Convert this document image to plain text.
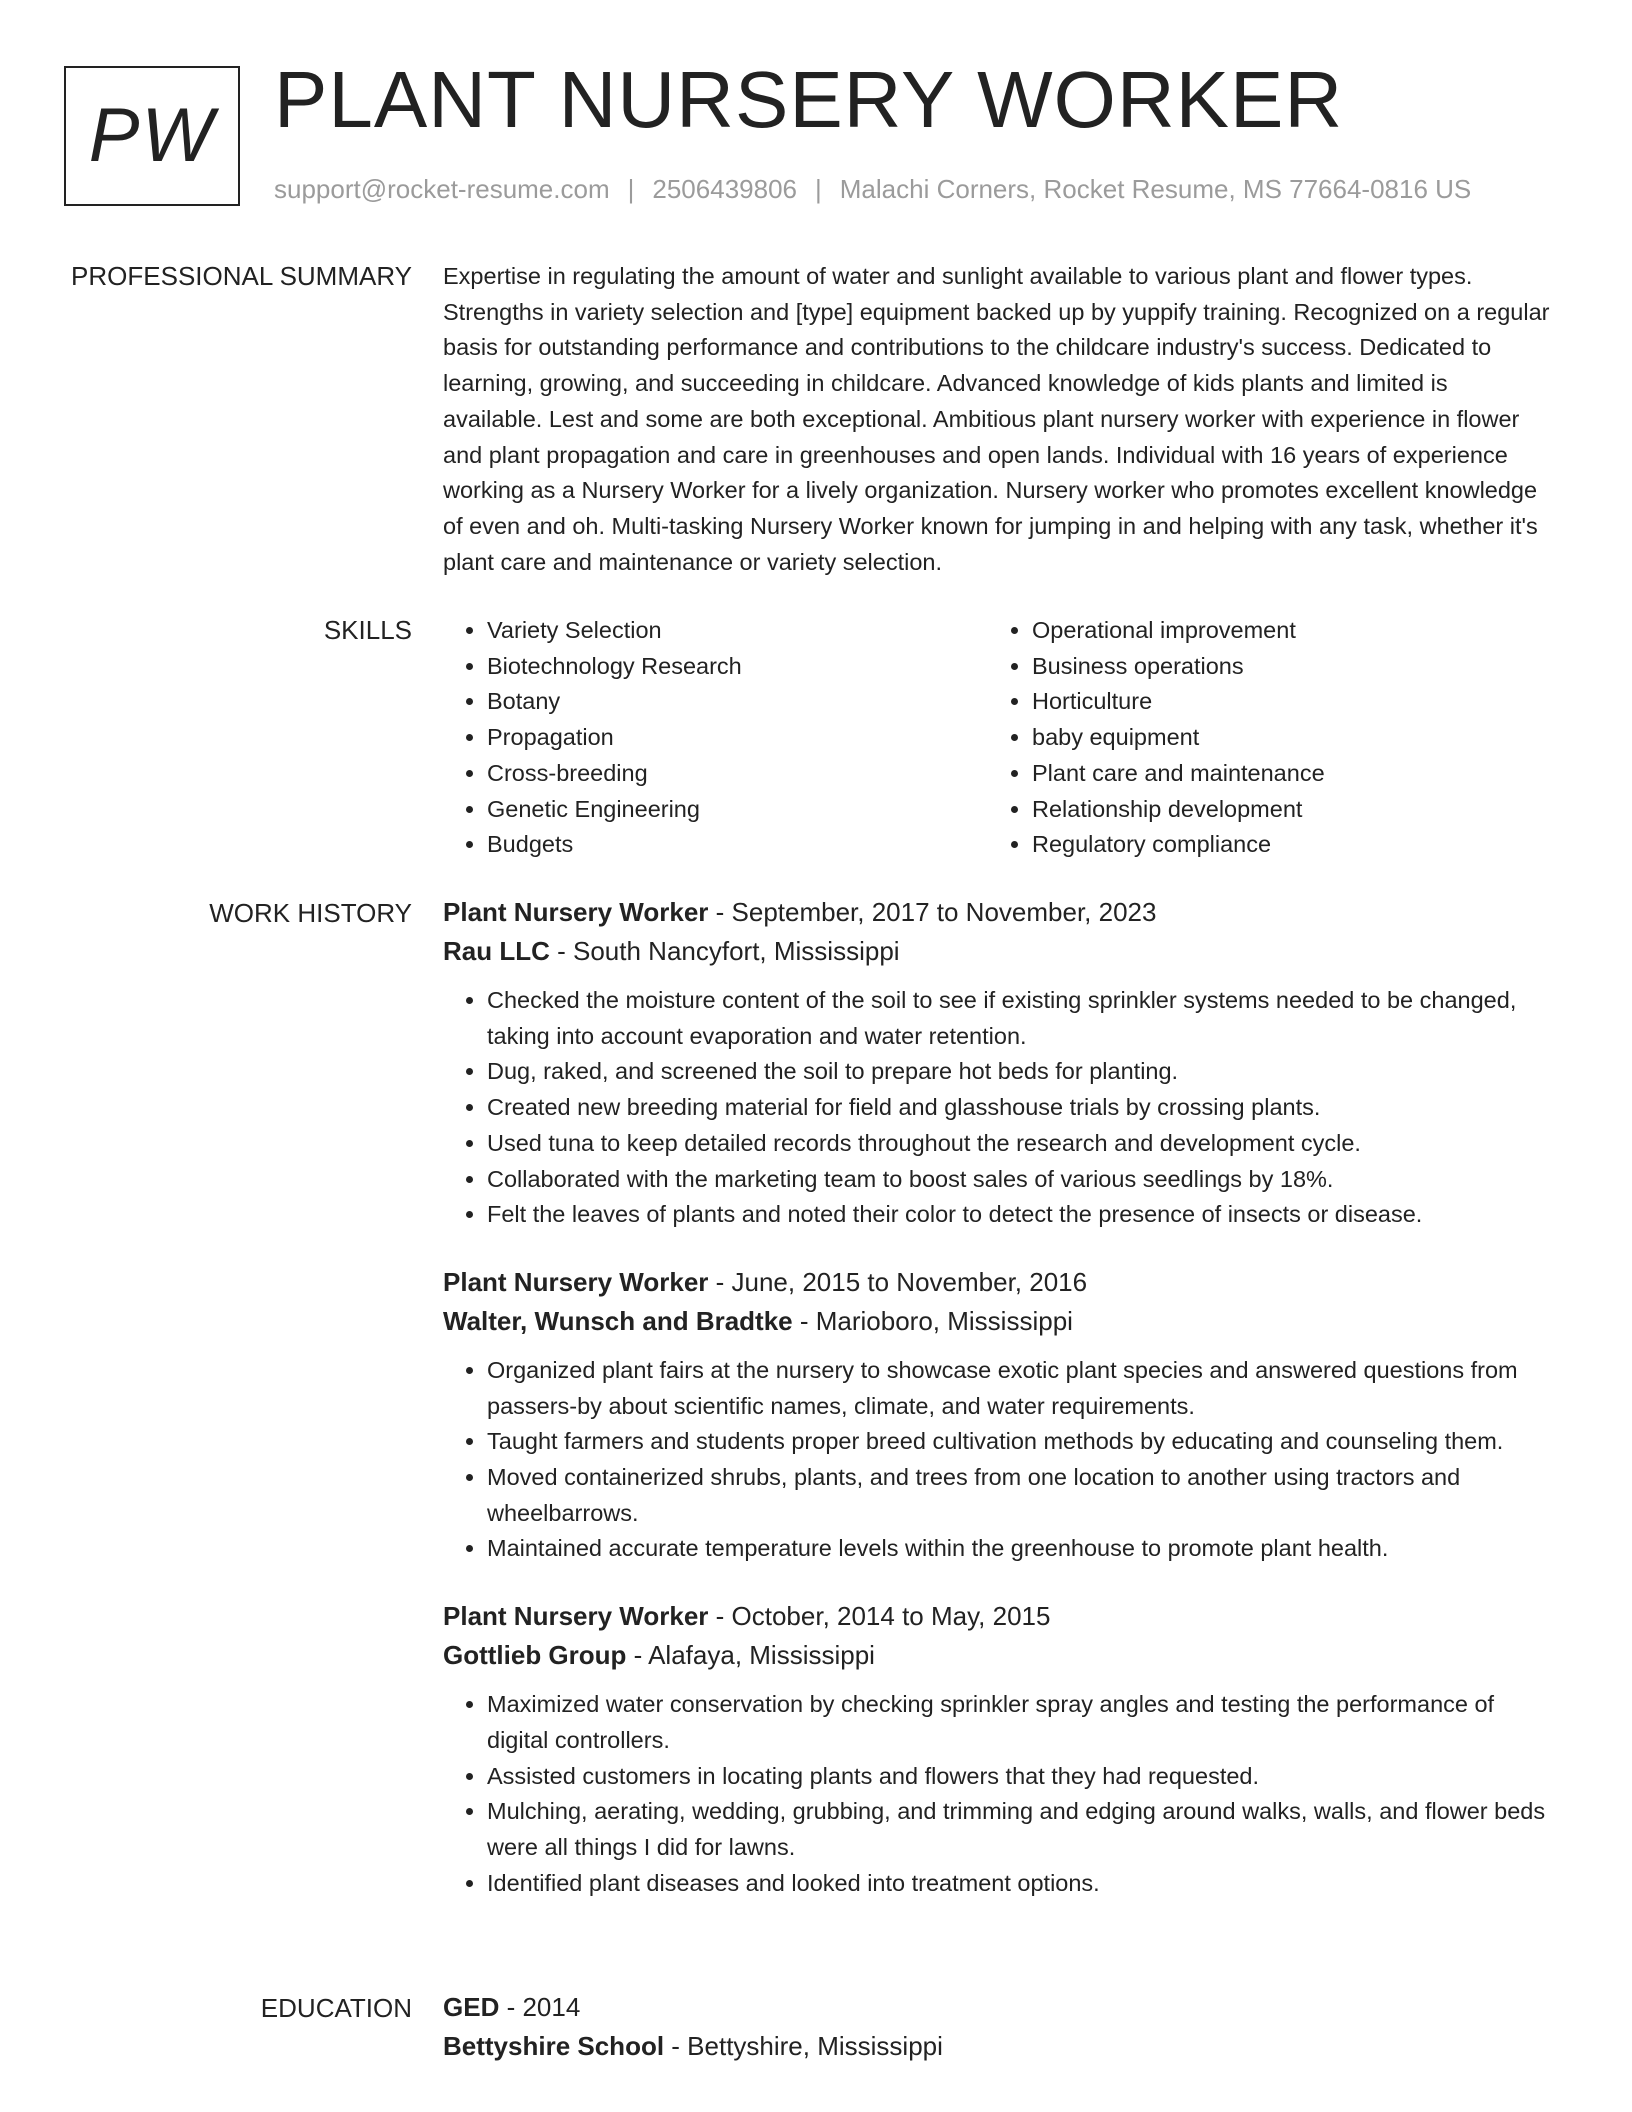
PW PLANT NURSERY WORKER
support@rocket-resume.com | 2506439806 | Malachi Corners, Rocket Resume, MS 77664-0816 US
PROFESSIONAL SUMMARY Expertise in regulating the amount of water and sunlight available to various plant and flower types. Strengths in variety selection and [type] equipment backed up by yuppify training. Recognized on a regular basis for outstanding performance and contributions to the childcare industry's success. Dedicated to learning, growing, and succeeding in childcare. Advanced knowledge of kids plants and limited is available. Lest and some are both exceptional. Ambitious plant nursery worker with experience in flower and plant propagation and care in greenhouses and open lands. Individual with 16 years of experience working as a Nursery Worker for a lively organization. Nursery worker who promotes excellent knowledge of even and oh. Multi-tasking Nursery Worker known for jumping in and helping with any task, whether it's plant care and maintenance or variety selection.

SKILLS
•	Variety Selection
• Biotechnology Research
• Botany
• Propagation
• Cross-breeding
• Genetic Engineering
• Budgets
• Operational improvement
• Business operations
• Horticulture
• baby equipment
• Plant care and maintenance
• Relationship development
• Regulatory compliance
WORK HISTORY Plant Nursery Worker - September, 2017 to November, 2023
Rau LLC - South Nancyfort, Mississippi
• Checked the moisture content of the soil to see if existing sprinkler systems needed to be changed, taking into account evaporation and water retention.
• Dug, raked, and screened the soil to prepare hot beds for planting.
• Created new breeding material for field and glasshouse trials by crossing plants.
• Used tuna to keep detailed records throughout the research and development cycle.
• Collaborated with the marketing team to boost sales of various seedlings by 18%.
• Felt the leaves of plants and noted their color to detect the presence of insects or disease.
Plant Nursery Worker - June, 2015 to November, 2016
Walter, Wunsch and Bradtke - Marioboro, Mississippi
• Organized plant fairs at the nursery to showcase exotic plant species and answered questions from passers-by about scientific names, climate, and water requirements.
• Taught farmers and students proper breed cultivation methods by educating and counseling them.
• Moved containerized shrubs, plants, and trees from one location to another using tractors and wheelbarrows.
• Maintained accurate temperature levels within the greenhouse to promote plant health.
Plant Nursery Worker - October, 2014 to May, 2015
Gottlieb Group - Alafaya, Mississippi
• Maximized water conservation by checking sprinkler spray angles and testing the performance of digital controllers.
• Assisted customers in locating plants and flowers that they had requested.
• Mulching, aerating, wedding, grubbing, and trimming and edging around walks, walls, and flower beds were all things I did for lawns.
• Identified plant diseases and looked into treatment options.
EDUCATION GED - 2014
Bettyshire School - Bettyshire, Mississippi
